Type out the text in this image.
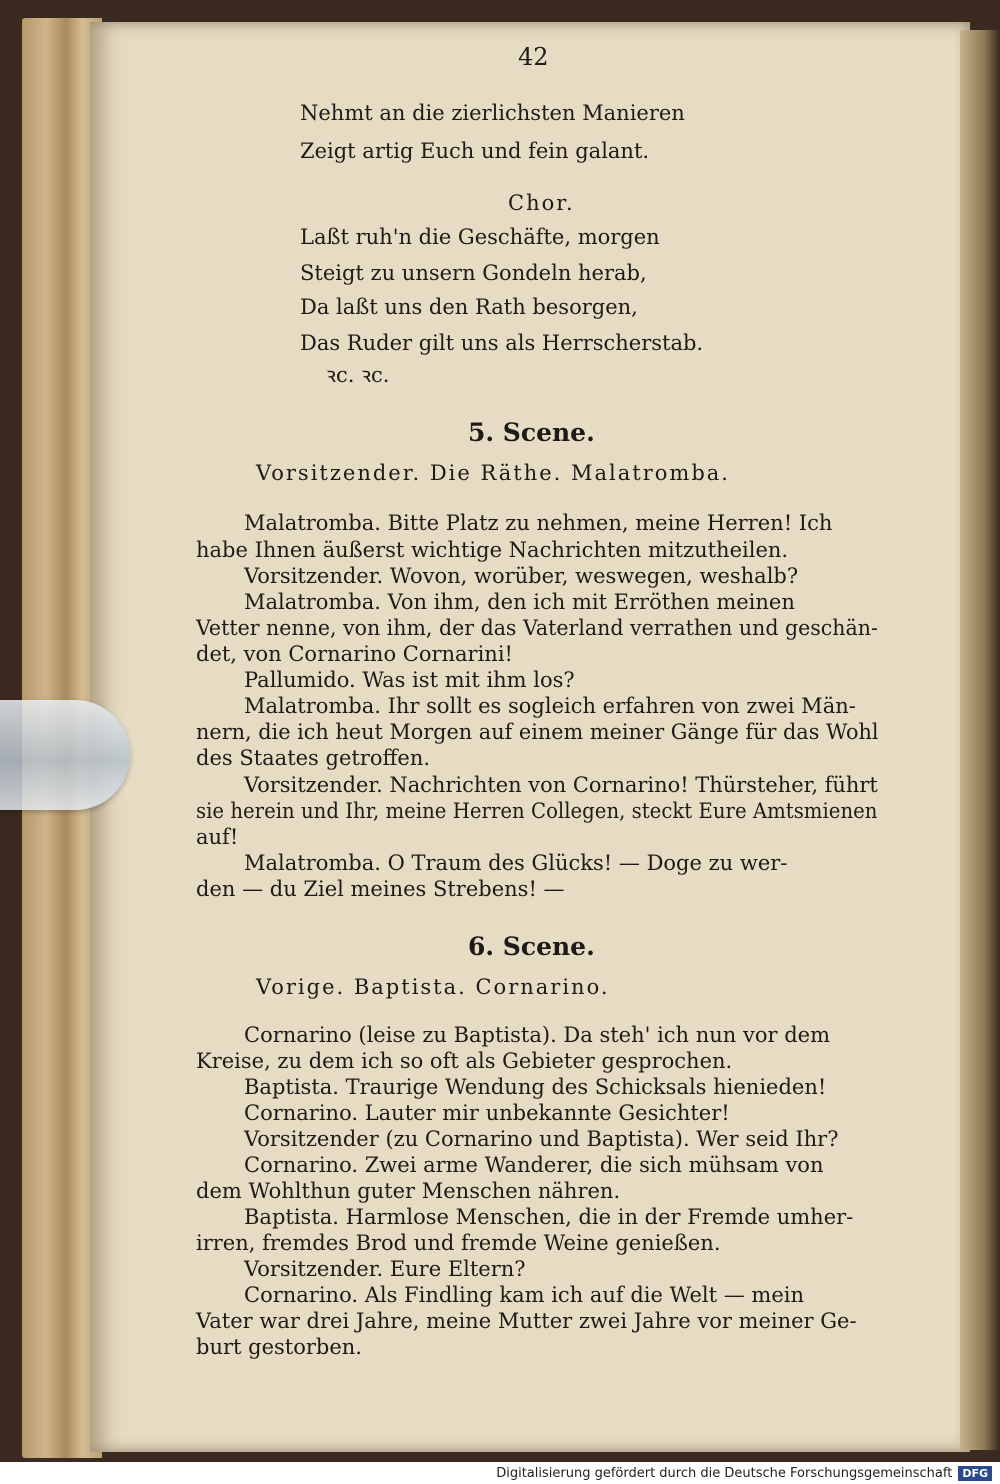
42
Nehmt an die zierlichsten Manieren
Zeigt artig Euch und fein galant.
Chor.
Laßt ruh'n die Geschäfte, morgen
Steigt zu unsern Gondeln herab,
Da laßt uns den Rath besorgen,
Das Ruder gilt uns als Herrscherstab.
ꝛc. ꝛc.
5. Scene.
Vorsitzender. Die Räthe. Malatromba.
Malatromba. Bitte Platz zu nehmen, meine Herren! Ich
habe Ihnen äußerst wichtige Nachrichten mitzutheilen.
Vorsitzender. Wovon, worüber, weswegen, weshalb?
Malatromba. Von ihm, den ich mit Erröthen meinen
Vetter nenne, von ihm, der das Vaterland verrathen und geschän-
det, von Cornarino Cornarini!
Pallumido. Was ist mit ihm los?
Malatromba. Ihr sollt es sogleich erfahren von zwei Män-
nern, die ich heut Morgen auf einem meiner Gänge für das Wohl
des Staates getroffen.
Vorsitzender. Nachrichten von Cornarino! Thürsteher, führt
sie herein und Ihr, meine Herren Collegen, steckt Eure Amtsmienen
auf!
Malatromba. O Traum des Glücks! — Doge zu wer-
den — du Ziel meines Strebens! —
6. Scene.
Vorige. Baptista. Cornarino.
Cornarino (leise zu Baptista). Da steh' ich nun vor dem
Kreise, zu dem ich so oft als Gebieter gesprochen.
Baptista. Traurige Wendung des Schicksals hienieden!
Cornarino. Lauter mir unbekannte Gesichter!
Vorsitzender (zu Cornarino und Baptista). Wer seid Ihr?
Cornarino. Zwei arme Wanderer, die sich mühsam von
dem Wohlthun guter Menschen nähren.
Baptista. Harmlose Menschen, die in der Fremde umher-
irren, fremdes Brod und fremde Weine genießen.
Vorsitzender. Eure Eltern?
Cornarino. Als Findling kam ich auf die Welt — mein
Vater war drei Jahre, meine Mutter zwei Jahre vor meiner Ge-
burt gestorben.
Digitalisierung gefördert durch die Deutsche Forschungsgemeinschaft DFG
